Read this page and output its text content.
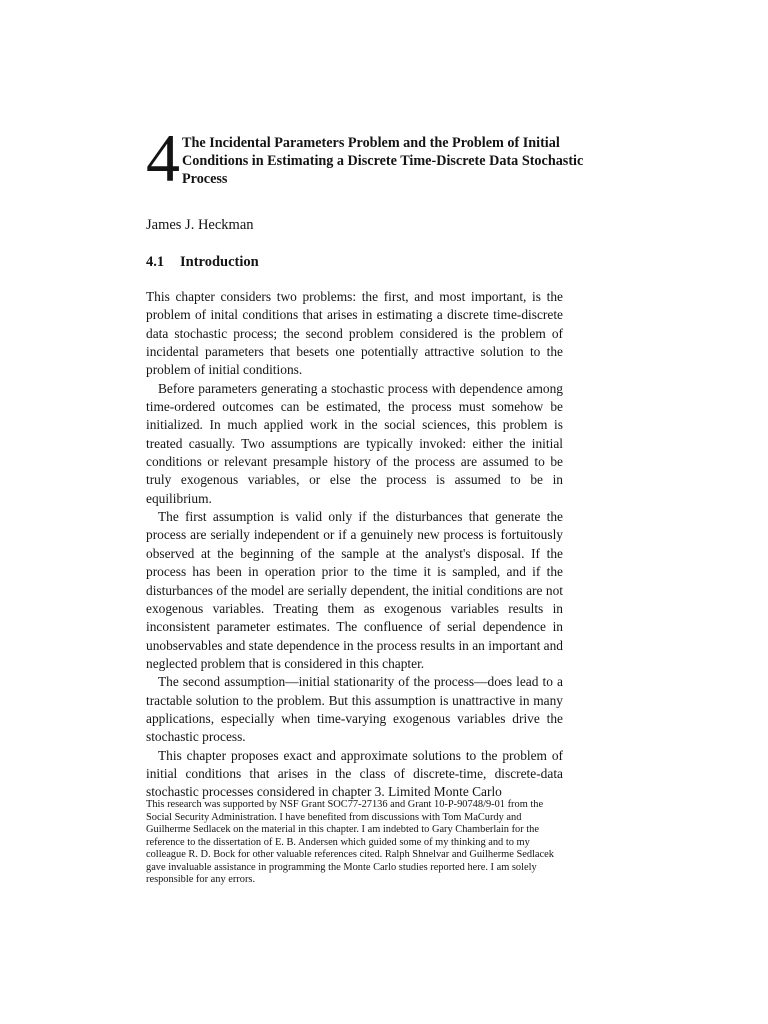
4 The Incidental Parameters Problem and the Problem of Initial Conditions in Estimating a Discrete Time-Discrete Data Stochastic Process

James J. Heckman

4.1 Introduction

This chapter considers two problems: the first, and most important, is the problem of inital conditions that arises in estimating a discrete time-discrete data stochastic process; the second problem considered is the problem of incidental parameters that besets one potentially attractive solution to the problem of initial conditions.

Before parameters generating a stochastic process with dependence among time-ordered outcomes can be estimated, the process must somehow be initialized. In much applied work in the social sciences, this problem is treated casually. Two assumptions are typically invoked: either the initial conditions or relevant presample history of the process are assumed to be truly exogenous variables, or else the process is assumed to be in equilibrium.

The first assumption is valid only if the disturbances that generate the process are serially independent or if a genuinely new process is fortuitously observed at the beginning of the sample at the analyst's disposal. If the process has been in operation prior to the time it is sampled, and if the disturbances of the model are serially dependent, the initial conditions are not exogenous variables. Treating them as exogenous variables results in inconsistent parameter estimates. The confluence of serial dependence in unobservables and state dependence in the process results in an important and neglected problem that is considered in this chapter.

The second assumption—initial stationarity of the process—does lead to a tractable solution to the problem. But this assumption is unattractive in many applications, especially when time-varying exogenous variables drive the stochastic process.

This chapter proposes exact and approximate solutions to the problem of initial conditions that arises in the class of discrete-time, discrete-data stochastic processes considered in chapter 3. Limited Monte Carlo

This research was supported by NSF Grant SOC77-27136 and Grant 10-P-90748/9-01 from the Social Security Administration. I have benefited from discussions with Tom MaCurdy and Guilherme Sedlacek on the material in this chapter. I am indebted to Gary Chamberlain for the reference to the dissertation of E. B. Andersen which guided some of my thinking and to my colleague R. D. Bock for other valuable references cited. Ralph Shnelvar and Guilherme Sedlacek gave invaluable assistance in programming the Monte Carlo studies reported here. I am solely responsible for any errors.
